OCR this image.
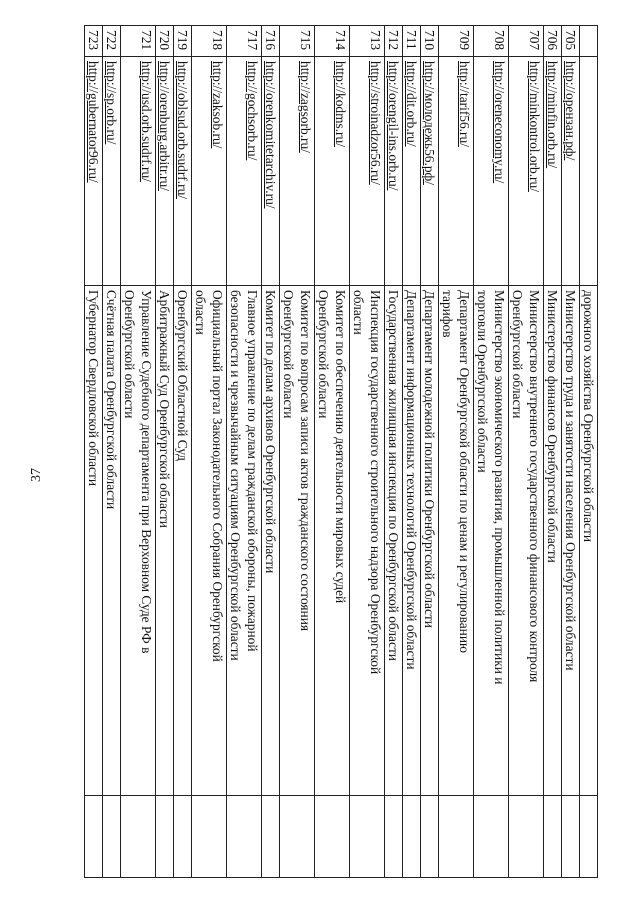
37

		дорожного хозяйства Оренбургской области	

705	http://орензан.рф/	Министерство труда и занятости населения Оренбургской области	

706	http://minfin.orb.ru/	Министерство финансов Оренбургской области	

707	http://minkontrol.orb.ru/	Министерство внутреннего государственного финансового контроля
Оренбургской области	

708	http://oreneconomy.ru/	Министерство экономического развития, промышленной политики и
торговли Оренбургской области	

709	http://tarif56.ru/	Департамент Оренбургской области по ценам и регулированию
тарифов	

710	http://молодежь56.рф/	Департамент молодежной политики Оренбургской области	

711	http://dit.orb.ru/	Департамент информационных технологий Оренбургской области	

712	http://orengil-ins.orb.ru/	Государственная жилищная инспекция по Оренбургской области	

713	http://stroinadzor56.ru/	Инспекция государственного строительного надзора Оренбургской
области	

714	http://kodms.ru/	Комитет по обеспечению деятельности мировых судей
Оренбургской области	

715	http://zagsorb.ru/	Комитет по вопросам записи актов гражданского состояния
Оренбургской области	

716	http://orenkomitetarchiv.ru/	Комитет по делам архивов Оренбургской области	

717	http://gochsorb.ru/	Главное управление по делам гражданской обороны, пожарной
безопасности и чрезвычайным ситуациям Оренбургской области	

718	http://zaksob.ru/	Официальный портал Законодательного Собрания Оренбургской
области	

719	http://oblsud.orb.sudrf.ru/	Оренбургский Областной Суд	

720	http://orenburg.arbitr.ru/	Арбитражный Суд Оренбургской области	

721	http://usd.orb.sudrf.ru/	Управление Судебного департамента при Верховном Суде РФ в
Оренбургской области	

722	http://sp.orb.ru/	Счётная палата Оренбургской области	

723	http://gubernator96.ru/	Губернатор Свердловской области	
